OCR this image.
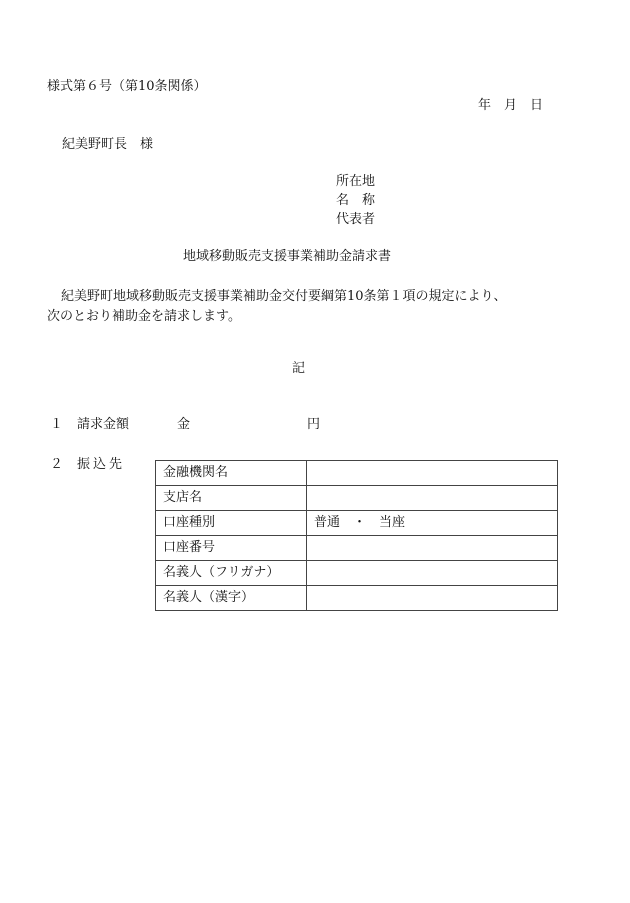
様式第６号（第10条関係）
年　月　日
紀美野町長　様
所在地
名　称
代表者
地域移動販売支援事業補助金請求書
紀美野町地域移動販売支援事業補助金交付要綱第10条第１項の規定により、
次のとおり補助金を請求します。
記
１ 請求金額	金	円
２ 振込先
金融機関名	
支店名	
口座種別	普通　・　当座
口座番号	
名義人（フリガナ）	
名義人（漢字）	
